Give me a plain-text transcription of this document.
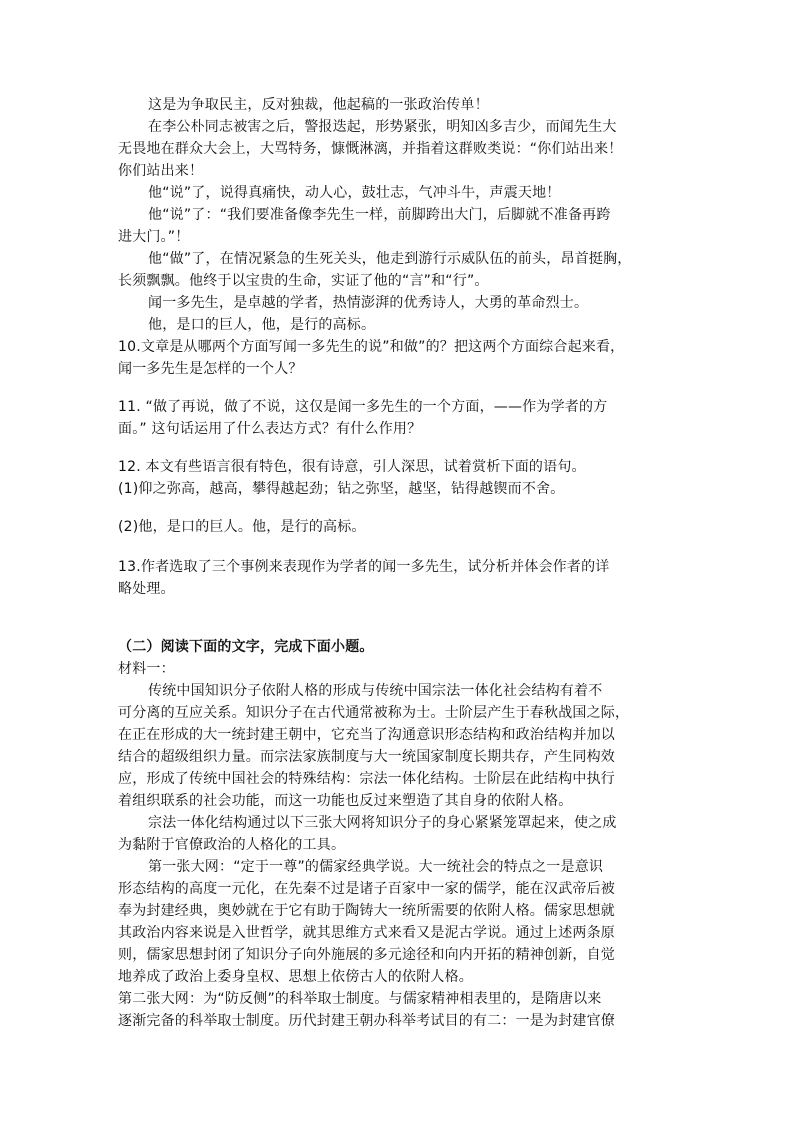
这是为争取民主，反对独裁，他起稿的一张政治传单！
在李公朴同志被害之后，警报迭起，形势紧张，明知凶多吉少，而闻先生大
无畏地在群众大会上，大骂特务，慷慨淋漓，并指着这群败类说：“你们站出来！
你们站出来！
他“说”了，说得真痛快，动人心，鼓壮志，气冲斗牛，声震天地！
他“说”了：“我们要准备像李先生一样，前脚跨出大门，后脚就不准备再跨
进大门。”！
他“做”了，在情况紧急的生死关头，他走到游行示威队伍的前头，昂首挺胸，
长须飘飘。他终于以宝贵的生命，实证了他的“言”和“行”。
闻一多先生，是卓越的学者，热情澎湃的优秀诗人，大勇的革命烈士。
他，是口的巨人，他，是行的高标。
10.文章是从哪两个方面写闻一多先生的说”和做”的？把这两个方面综合起来看，
闻一多先生是怎样的一个人？
11. “做了再说，做了不说，这仅是闻一多先生的一个方面，——作为学者的方
面。” 这句话运用了什么表达方式？有什么作用？
12. 本文有些语言很有特色，很有诗意，引人深思，试着赏析下面的语句。
(1)仰之弥高，越高，攀得越起劲；钻之弥坚，越坚，钻得越锲而不舍。
(2)他，是口的巨人。他，是行的高标。
13.作者选取了三个事例来表现作为学者的闻一多先生，试分析并体会作者的详
略处理。
（二）阅读下面的文字，完成下面小题。
材料一：
传统中国知识分子依附人格的形成与传统中国宗法一体化社会结构有着不
可分离的互应关系。知识分子在古代通常被称为士。士阶层产生于春秋战国之际，
在正在形成的大一统封建王朝中，它充当了沟通意识形态结构和政治结构并加以
结合的超级组织力量。而宗法家族制度与大一统国家制度长期共存，产生同构效
应，形成了传统中国社会的特殊结构：宗法一体化结构。士阶层在此结构中执行
着组织联系的社会功能，而这一功能也反过来塑造了其自身的依附人格。
宗法一体化结构通过以下三张大网将知识分子的身心紧紧笼罩起来，使之成
为黏附于官僚政治的人格化的工具。
第一张大网：“定于一尊”的儒家经典学说。大一统社会的特点之一是意识
形态结构的高度一元化，在先秦不过是诸子百家中一家的儒学，能在汉武帝后被
奉为封建经典，奥妙就在于它有助于陶铸大一统所需要的依附人格。儒家思想就
其政治内容来说是入世哲学，就其思维方式来看又是泥古学说。通过上述两条原
则，儒家思想封闭了知识分子向外施展的多元途径和向内开拓的精神创新，自觉
地养成了政治上委身皇权、思想上依傍古人的依附人格。
第二张大网：为“防反侧”的科举取士制度。与儒家精神相表里的，是隋唐以来
逐渐完备的科举取士制度。历代封建王朝办科举考试目的有二：一是为封建官僚
